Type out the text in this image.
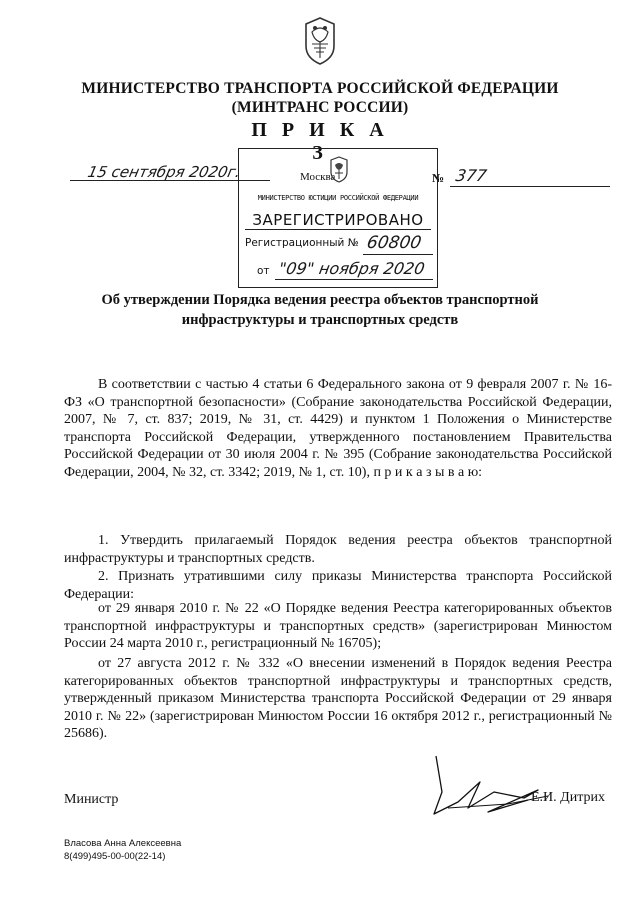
МИНИСТЕРСТВО ТРАНСПОРТА РОССИЙСКОЙ ФЕДЕРАЦИИ
(МИНТРАНС РОССИИ)
П Р И К А З
15 сентября 2020г.	Москва	№ 377
МИНИСТЕРСТВО ЮСТИЦИИ РОССИЙСКОЙ ФЕДЕРАЦИИ
ЗАРЕГИСТРИРОВАНО
Регистрационный № 60800
от "09" ноября 2020
Об утверждении Порядка ведения реестра объектов транспортной
инфраструктуры и транспортных средств
В соответствии с частью 4 статьи 6 Федерального закона от 9 февраля 2007 г. № 16-ФЗ «О транспортной безопасности» (Собрание законодательства Российской Федерации, 2007, № 7, ст. 837; 2019, № 31, ст. 4429) и пунктом 1 Положения о Министерстве транспорта Российской Федерации, утвержденного постановлением Правительства Российской Федерации от 30 июля 2004 г. № 395 (Собрание законодательства Российской Федерации, 2004, № 32, ст. 3342; 2019, № 1, ст. 10), п р и к а з ы в а ю:
1. Утвердить прилагаемый Порядок ведения реестра объектов транспортной инфраструктуры и транспортных средств.
2. Признать утратившими силу приказы Министерства транспорта Российской Федерации:
от 29 января 2010 г. № 22 «О Порядке ведения Реестра категорированных объектов транспортной инфраструктуры и транспортных средств» (зарегистрирован Минюстом России 24 марта 2010 г., регистрационный № 16705);
от 27 августа 2012 г. № 332 «О внесении изменений в Порядок ведения Реестра категорированных объектов транспортной инфраструктуры и транспортных средств, утвержденный приказом Министерства транспорта Российской Федерации от 29 января 2010 г. № 22» (зарегистрирован Минюстом России 16 октября 2012 г., регистрационный № 25686).
Министр	Е.И. Дитрих
Власова Анна Алексеевна
8(499)495-00-00(22-14)
